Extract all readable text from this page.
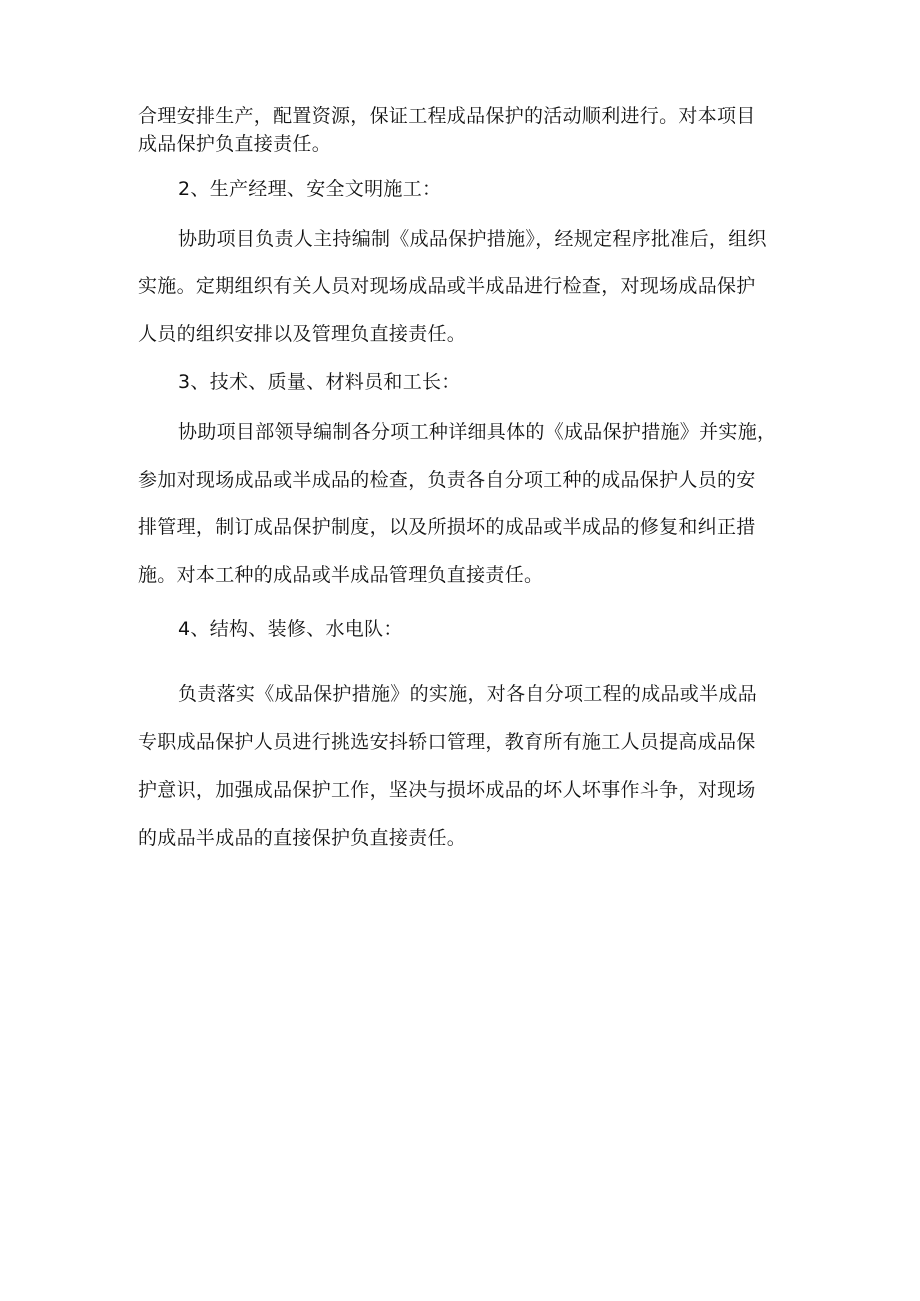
合理安排生产，配置资源，保证工程成品保护的活动顺利进行。对本项目
成品保护负直接责任。
2、生产经理、安全文明施工：
协助项目负责人主持编制《成品保护措施》，经规定程序批准后，组织
实施。定期组织有关人员对现场成品或半成品进行检查，对现场成品保护
人员的组织安排以及管理负直接责任。
3、技术、质量、材料员和工长：
协助项目部领导编制各分项工种详细具体的《成品保护措施》并实施，
参加对现场成品或半成品的检查，负责各自分项工种的成品保护人员的安
排管理，制订成品保护制度，以及所损坏的成品或半成品的修复和纠正措
施。对本工种的成品或半成品管理负直接责任。
4、结构、装修、水电队：
负责落实《成品保护措施》的实施，对各自分项工程的成品或半成品
专职成品保护人员进行挑选安抖轿口管理，教育所有施工人员提高成品保
护意识，加强成品保护工作，坚决与损坏成品的坏人坏事作斗争，对现场
的成品半成品的直接保护负直接责任。
